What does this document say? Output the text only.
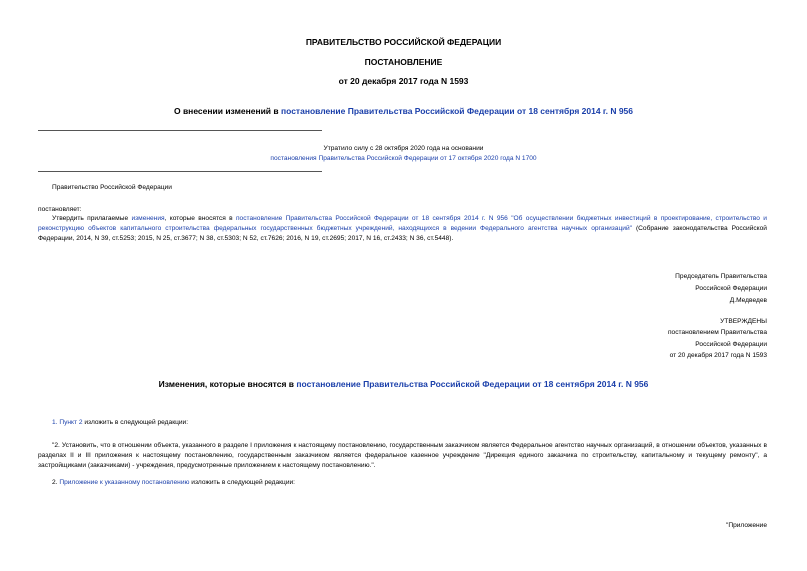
ПРАВИТЕЛЬСТВО РОССИЙСКОЙ ФЕДЕРАЦИИ
ПОСТАНОВЛЕНИЕ
от 20 декабря 2017 года N 1593
О внесении изменений в постановление Правительства Российской Федерации от 18 сентября 2014 г. N 956
Утратило силу с 28 октября 2020 года на основании
постановления Правительства Российской Федерации от 17 октября 2020 года N 1700
Правительство Российской Федерации
постановляет:
Утвердить прилагаемые изменения, которые вносятся в постановление Правительства Российской Федерации от 18 сентября 2014 г. N 956 "Об осуществлении бюджетных инвестиций в проектирование, строительство и реконструкцию объектов капитального строительства федеральных государственных бюджетных учреждений, находящихся в ведении Федерального агентства научных организаций" (Собрание законодательства Российской Федерации, 2014, N 39, ст.5253; 2015, N 25, ст.3677; N 38, ст.5303; N 52, ст.7626; 2016, N 19, ст.2695; 2017, N 16, ст.2433; N 36, ст.5448).
Председатель Правительства
Российской Федерации
Д.Медведев
УТВЕРЖДЕНЫ
постановлением Правительства
Российской Федерации
от 20 декабря 2017 года N 1593
Изменения, которые вносятся в постановление Правительства Российской Федерации от 18 сентября 2014 г. N 956
1. Пункт 2 изложить в следующей редакции:
"2. Установить, что в отношении объекта, указанного в разделе I приложения к настоящему постановлению, государственным заказчиком является Федеральное агентство научных организаций, в отношении объектов, указанных в разделах II и III приложения к настоящему постановлению, государственным заказчиком является федеральное казенное учреждение "Дирекция единого заказчика по строительству, капитальному и текущему ремонту", а застройщиками (заказчиками) - учреждения, предусмотренные приложением к настоящему постановлению.".
2. Приложение к указанному постановлению изложить в следующей редакции:
"Приложение
